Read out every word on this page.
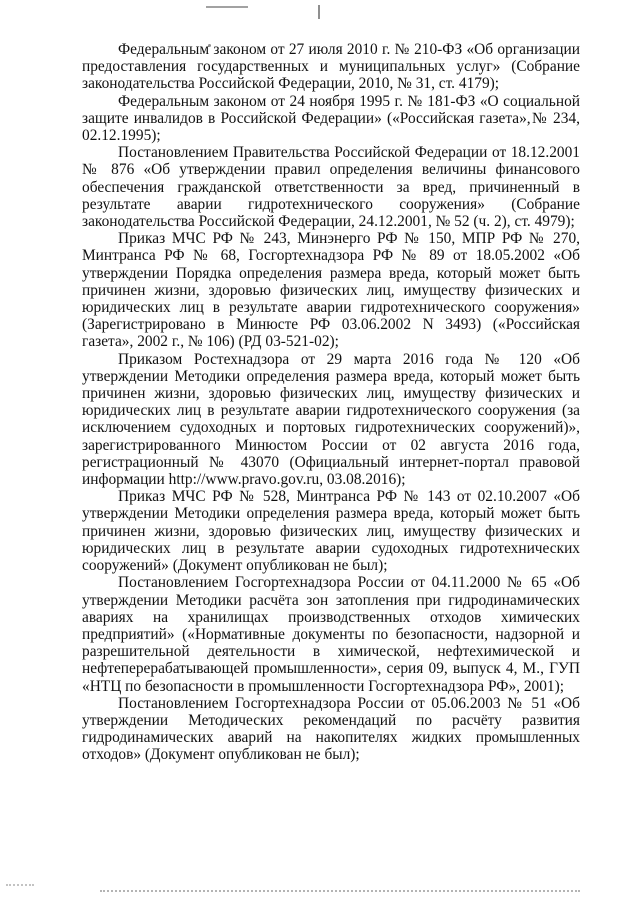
Федеральным законом от 27 июля 2010 г. № 210-ФЗ «Об организации предоставления государственных и муниципальных услуг» (Собрание законодательства Российской Федерации, 2010, № 31, ст. 4179);

Федеральным законом от 24 ноября 1995 г. № 181-ФЗ «О социальной защите инвалидов в Российской Федерации» («Российская газета»,№ 234, 02.12.1995);

Постановлением Правительства Российской Федерации от 18.12.2001 № 876 «Об утверждении правил определения величины финансового обеспечения гражданской ответственности за вред, причиненный в результате аварии гидротехнического сооружения» (Собрание законодательства Российской Федерации, 24.12.2001, № 52 (ч. 2), ст. 4979);

Приказ МЧС РФ № 243, Минэнерго РФ № 150, МПР РФ № 270, Минтранса РФ № 68, Госгортехнадзора РФ № 89 от 18.05.2002 «Об утверждении Порядка определения размера вреда, который может быть причинен жизни, здоровью физических лиц, имуществу физических и юридических лиц в результате аварии гидротехнического сооружения» (Зарегистрировано в Минюсте РФ 03.06.2002 N 3493) («Российская газета», 2002 г., № 106) (РД 03-521-02);

Приказом Ростехнадзора от 29 марта 2016 года № 120 «Об утверждении Методики определения размера вреда, который может быть причинен жизни, здоровью физических лиц, имуществу физических и юридических лиц в результате аварии гидротехнического сооружения (за исключением судоходных и портовых гидротехнических сооружений)», зарегистрированного Минюстом России от 02 августа 2016 года, регистрационный № 43070 (Официальный интернет-портал правовой информации http://www.pravo.gov.ru, 03.08.2016);

Приказ МЧС РФ № 528, Минтранса РФ № 143 от 02.10.2007 «Об утверждении Методики определения размера вреда, который может быть причинен жизни, здоровью физических лиц, имуществу физических и юридических лиц в результате аварии судоходных гидротехнических сооружений» (Документ опубликован не был);

Постановлением Госгортехнадзора России от 04.11.2000 № 65 «Об утверждении Методики расчёта зон затопления при гидродинамических авариях на хранилищах производственных отходов химических предприятий» («Нормативные документы по безопасности, надзорной и разрешительной деятельности в химической, нефтехимической и нефтеперерабатывающей промышленности», серия 09, выпуск 4, М., ГУП «НТЦ по безопасности в промышленности Госгортехнадзора РФ», 2001);

Постановлением Госгортехнадзора России от 05.06.2003 № 51 «Об утверждении Методических рекомендаций по расчёту развития гидродинамических аварий на накопителях жидких промышленных отходов» (Документ опубликован не был);
